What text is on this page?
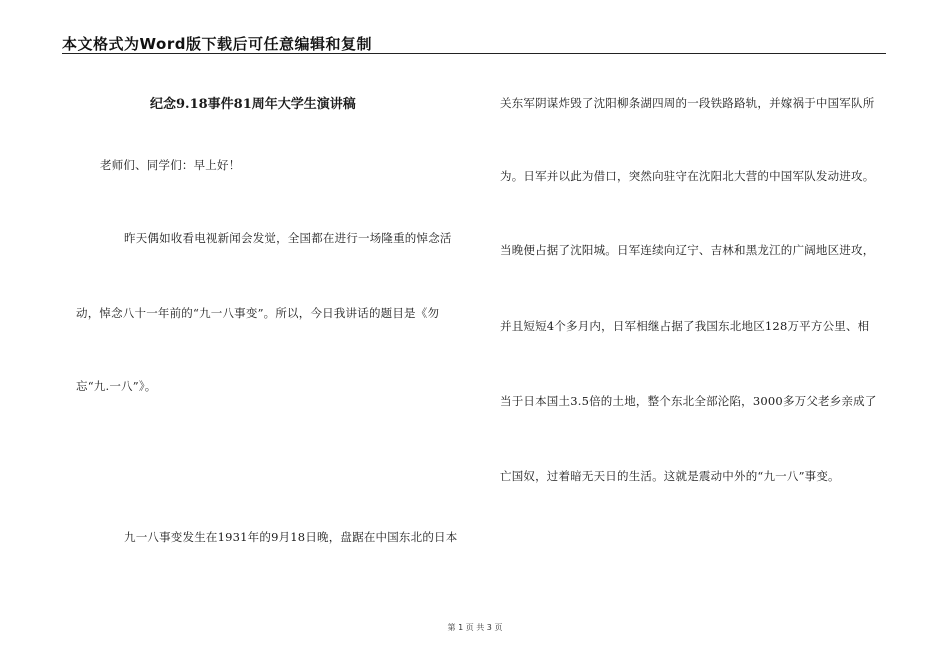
本文格式为Word版下载后可任意编辑和复制
纪念9.18事件81周年大学生演讲稿
老师们、同学们：早上好！
昨天偶如收看电视新闻会发觉，全国都在进行一场隆重的悼念活
动，悼念八十一年前的“九一八事变”。所以，今日我讲话的题目是《勿
忘“九.一八”》。
九一八事变发生在1931年的9月18日晚，盘踞在中国东北的日本
关东军阴谋炸毁了沈阳柳条湖四周的一段铁路路轨，并嫁祸于中国军队所
为。日军并以此为借口，突然向驻守在沈阳北大营的中国军队发动进攻。
当晚便占据了沈阳城。日军连续向辽宁、吉林和黑龙江的广阔地区进攻，
并且短短4个多月内，日军相继占据了我国东北地区128万平方公里、相
当于日本国土3.5倍的土地，整个东北全部沦陷，3000多万父老乡亲成了
亡国奴，过着暗无天日的生活。这就是震动中外的“九一八”事变。
第 1 页 共 3 页
